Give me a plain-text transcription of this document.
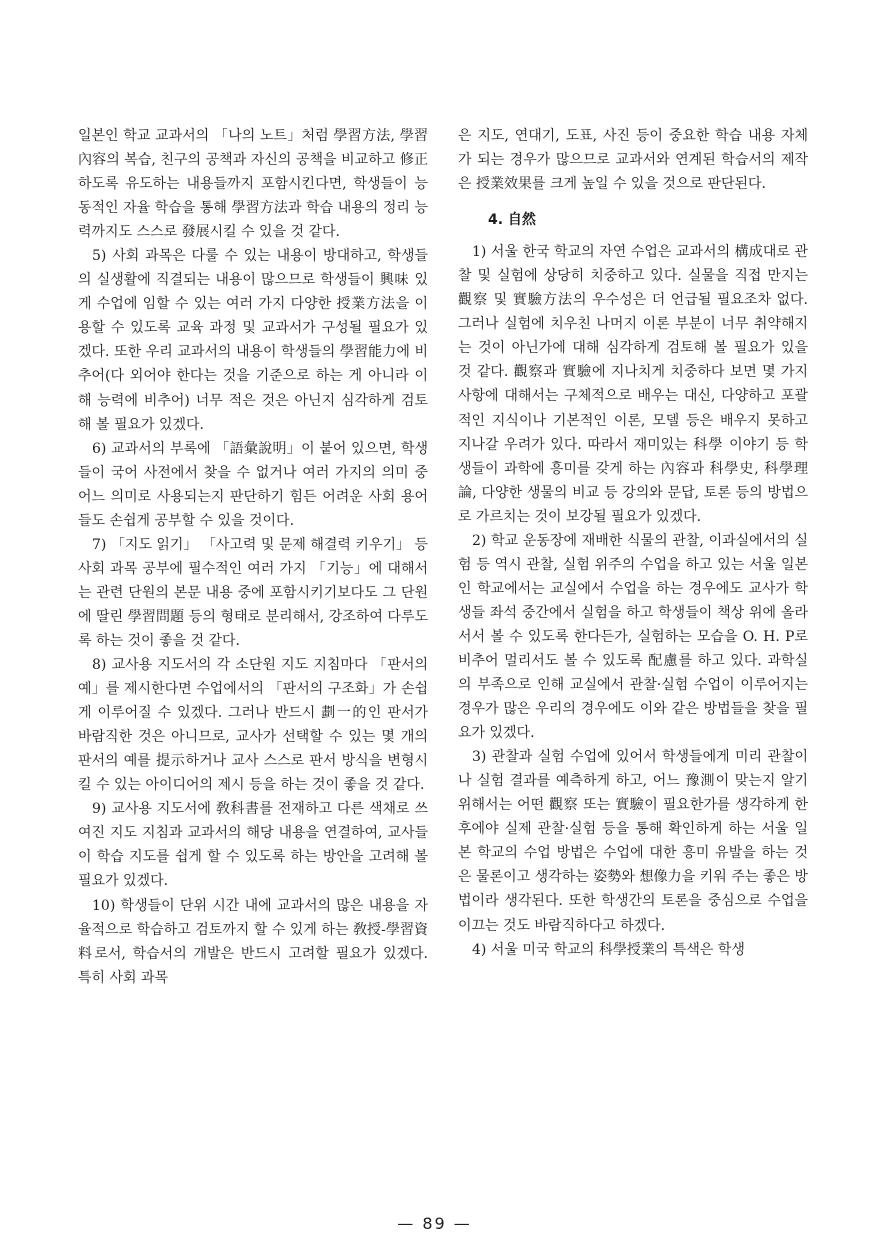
일본인 학교 교과서의 「나의 노트」처럼 學習方法, 學習內容의 복습, 친구의 공책과 자신의 공책을 비교하고 修正하도록 유도하는 내용들까지 포함시킨다면, 학생들이 능동적인 자율 학습을 통해 學習方法과 학습 내용의 정리 능력까지도 스스로 發展시킬 수 있을 것 같다.

5) 사회 과목은 다룰 수 있는 내용이 방대하고, 학생들의 실생활에 직결되는 내용이 많으므로 학생들이 興味 있게 수업에 임할 수 있는 여러 가지 다양한 授業方法을 이용할 수 있도록 교육 과정 및 교과서가 구성될 필요가 있겠다. 또한 우리 교과서의 내용이 학생들의 學習能力에 비추어(다 외어야 한다는 것을 기준으로 하는 게 아니라 이해 능력에 비추어) 너무 적은 것은 아닌지 심각하게 검토해 볼 필요가 있겠다.

6) 교과서의 부록에 「語彙說明」이 붙어 있으면, 학생들이 국어 사전에서 찾을 수 없거나 여러 가지의 의미 중 어느 의미로 사용되는지 판단하기 힘든 어려운 사회 용어들도 손쉽게 공부할 수 있을 것이다.

7) 「지도 읽기」 「사고력 및 문제 해결력 키우기」 등 사회 과목 공부에 필수적인 여러 가지 「기능」에 대해서는 관련 단원의 본문 내용 중에 포함시키기보다도 그 단원에 딸린 學習問題 등의 형태로 분리해서, 강조하여 다루도록 하는 것이 좋을 것 같다.

8) 교사용 지도서의 각 소단원 지도 지침마다 「판서의 예」를 제시한다면 수업에서의 「판서의 구조화」가 손쉽게 이루어질 수 있겠다. 그러나 반드시 劃一的인 판서가 바람직한 것은 아니므로, 교사가 선택할 수 있는 몇 개의 판서의 예를 提示하거나 교사 스스로 판서 방식을 변형시킬 수 있는 아이디어의 제시 등을 하는 것이 좋을 것 같다.

9) 교사용 지도서에 敎科書를 전재하고 다른 색채로 쓰여진 지도 지침과 교과서의 해당 내용을 연결하여, 교사들이 학습 지도를 쉽게 할 수 있도록 하는 방안을 고려해 볼 필요가 있겠다.

10) 학생들이 단위 시간 내에 교과서의 많은 내용을 자율적으로 학습하고 검토까지 할 수 있게 하는 敎授-學習資料로서, 학습서의 개발은 반드시 고려할 필요가 있겠다. 특히 사회 과목

은 지도, 연대기, 도표, 사진 등이 중요한 학습 내용 자체가 되는 경우가 많으므로 교과서와 연계된 학습서의 제작은 授業效果를 크게 높일 수 있을 것으로 판단된다.

4. 自然

1) 서울 한국 학교의 자연 수업은 교과서의 構成대로 관찰 및 실험에 상당히 치중하고 있다. 실물을 직접 만지는 觀察 및 實驗方法의 우수성은 더 언급될 필요조차 없다. 그러나 실험에 치우친 나머지 이론 부분이 너무 취약해지는 것이 아닌가에 대해 심각하게 검토해 볼 필요가 있을 것 같다. 觀察과 實驗에 지나치게 치중하다 보면 몇 가지 사항에 대해서는 구체적으로 배우는 대신, 다양하고 포괄적인 지식이나 기본적인 이론, 모델 등은 배우지 못하고 지나갈 우려가 있다. 따라서 재미있는 科學 이야기 등 학생들이 과학에 흥미를 갖게 하는 內容과 科學史, 科學理論, 다양한 생물의 비교 등 강의와 문답, 토론 등의 방법으로 가르치는 것이 보강될 필요가 있겠다.

2) 학교 운동장에 재배한 식물의 관찰, 이과실에서의 실험 등 역시 관찰, 실험 위주의 수업을 하고 있는 서울 일본인 학교에서는 교실에서 수업을 하는 경우에도 교사가 학생들 좌석 중간에서 실험을 하고 학생들이 책상 위에 올라서서 볼 수 있도록 한다든가, 실험하는 모습을 O. H. P로 비추어 멀리서도 볼 수 있도록 配慮를 하고 있다. 과학실의 부족으로 인해 교실에서 관찰·실험 수업이 이루어지는 경우가 많은 우리의 경우에도 이와 같은 방법들을 찾을 필요가 있겠다.

3) 관찰과 실험 수업에 있어서 학생들에게 미리 관찰이나 실험 결과를 예측하게 하고, 어느 豫測이 맞는지 알기 위해서는 어떤 觀察 또는 實驗이 필요한가를 생각하게 한 후에야 실제 관찰·실험 등을 통해 확인하게 하는 서울 일본 학교의 수업 방법은 수업에 대한 흥미 유발을 하는 것은 물론이고 생각하는 姿勢와 想像力을 키워 주는 좋은 방법이라 생각된다. 또한 학생간의 토론을 중심으로 수업을 이끄는 것도 바람직하다고 하겠다.

4) 서울 미국 학교의 科學授業의 특색은 학생

— 89 —
